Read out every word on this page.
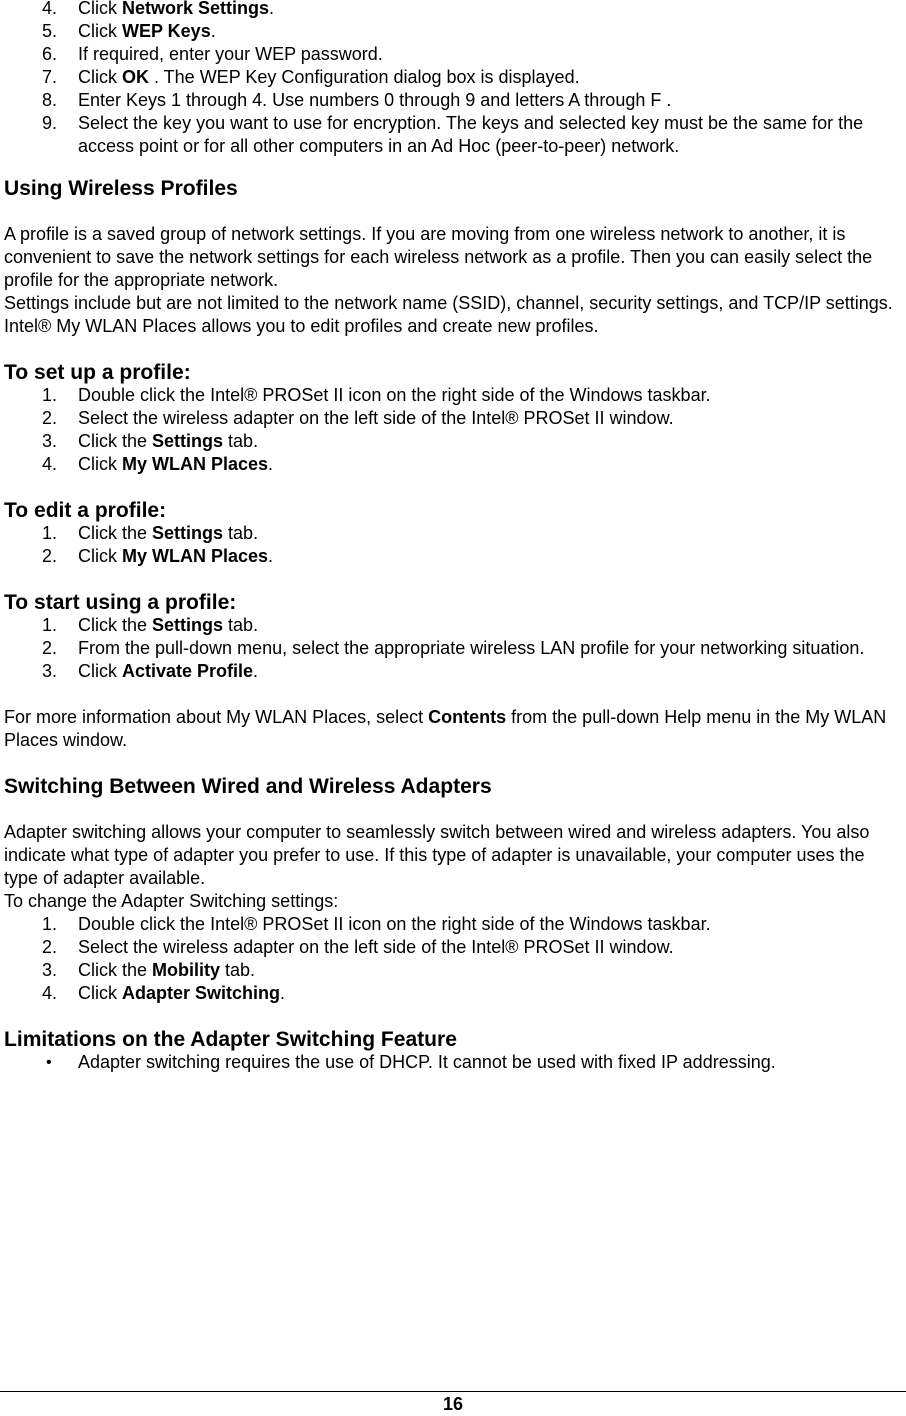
4. Click Network Settings.
5. Click WEP Keys.
6. If required, enter your WEP password.
7. Click OK . The WEP Key Configuration dialog box is displayed.
8. Enter Keys 1 through 4. Use numbers 0 through 9 and letters A through F .
9. Select the key you want to use for encryption. The keys and selected key must be the same for the access point or for all other computers in an Ad Hoc (peer-to-peer) network.
Using Wireless Profiles

A profile is a saved group of network settings. If you are moving from one wireless network to another, it is convenient to save the network settings for each wireless network as a profile. Then you can easily select the profile for the appropriate network.

Settings include but are not limited to the network name (SSID), channel, security settings, and TCP/IP settings. Intel® My WLAN Places allows you to edit profiles and create new profiles.

To set up a profile:
1. Double click the Intel® PROSet II icon on the right side of the Windows taskbar.
2. Select the wireless adapter on the left side of the Intel® PROSet II window.
3. Click the Settings tab.
4. Click My WLAN Places.
To edit a profile:
1. Click the Settings tab.
2. Click My WLAN Places.
To start using a profile:
1. Click the Settings tab.
2. From the pull-down menu, select the appropriate wireless LAN profile for your networking situation.
3. Click Activate Profile.

For more information about My WLAN Places, select Contents from the pull-down Help menu in the My WLAN Places window.

Switching Between Wired and Wireless Adapters

Adapter switching allows your computer to seamlessly switch between wired and wireless adapters. You also indicate what type of adapter you prefer to use. If this type of adapter is unavailable, your computer uses the type of adapter available.

To change the Adapter Switching settings:

1. Double click the Intel® PROSet II icon on the right side of the Windows taskbar.
2. Select the wireless adapter on the left side of the Intel® PROSet II window.
3. Click the Mobility tab.
4. Click Adapter Switching.
Limitations on the Adapter Switching Feature
• Adapter switching requires the use of DHCP. It cannot be used with fixed IP addressing.
16
